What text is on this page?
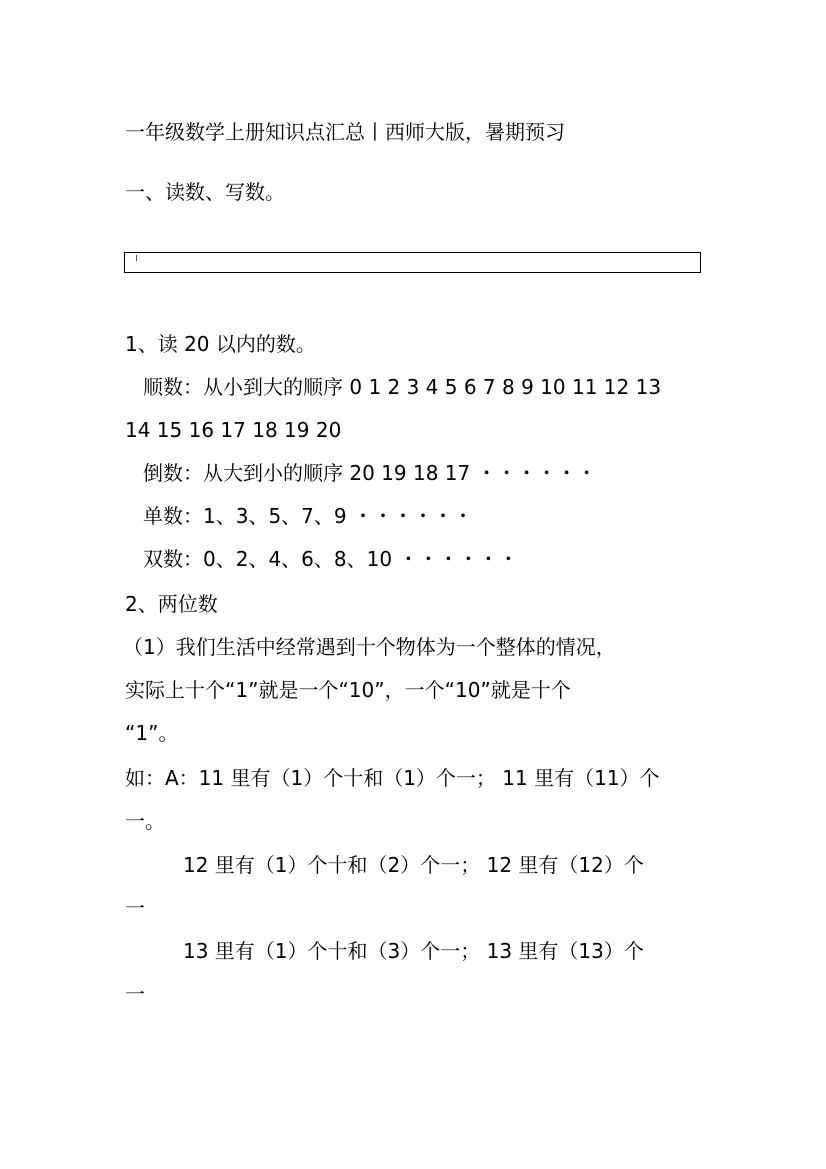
一年级数学上册知识点汇总丨西师大版，暑期预习
一、读数、写数。
1、读 20 以内的数。
顺数：从小到大的顺序 0 1 2 3 4 5 6 7 8 9 10 11 12 13
14 15 16 17 18 19 20
倒数：从大到小的顺序 20 19 18 17 ・・・・・・
单数：1、3、5、7、9 ・・・・・・
双数：0、2、4、6、8、10 ・・・・・・
2、两位数
（1）我们生活中经常遇到十个物体为一个整体的情况，
实际上十个“1”就是一个“10”，一个“10”就是十个
“1”。
如：A：11 里有（1）个十和（1）个一； 11 里有（11）个
一。
12 里有（1）个十和（2）个一； 12 里有（12）个
一
13 里有（1）个十和（3）个一； 13 里有（13）个
一
